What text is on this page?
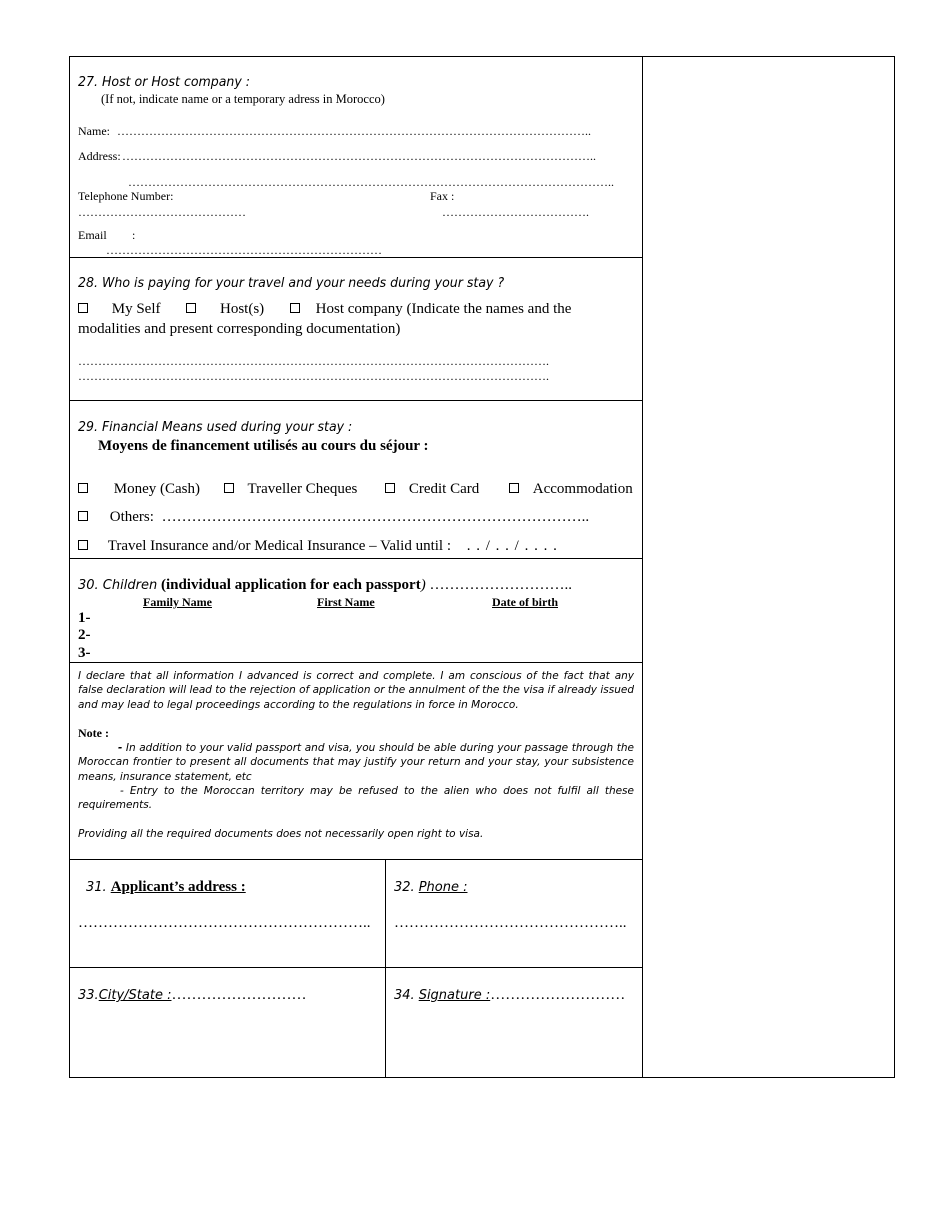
27. Host or Host company :
(If not, indicate name or a temporary adress in Morocco)
Name: ………………………………………………………………………………………………………..
Address: ………………………………………………………………………………………………………..
…………………………………………………………………………………………………………..
Telephone Number:	Fax :
……………………………………	……………………………….
Email :
……………………………………………………………
28. Who is paying for your travel and your needs during your stay ?
My Self	Host(s)	Host company (Indicate the names and the
modalities and present corresponding documentation)
……………………………………………………………………………………………………….
……………………………………………………………………………………………………….
29. Financial Means used during your stay :
Moyens de financement utilisés au cours du séjour :
Money (Cash)	Traveller Cheques	Credit Card	Accommodation
Others: …………………………………………………………………………..
Travel Insurance and/or Medical Insurance – Valid until : . . / . . / . . . .
30. Children (individual application for each passport) ………………………..
Family Name	First Name	Date of birth
1-
2-
3-
I declare that all information I advanced is correct and complete. I am conscious of the fact that any false declaration will lead to the rejection of application or the annulment of the the visa if already issued and may lead to legal proceedings according to the regulations in force in Morocco.
Note :
- In addition to your valid passport and visa, you should be able during your passage through the Moroccan frontier to present all documents that may justify your return and your stay, your subsistence means, insurance statement, etc
- Entry to the Moroccan territory may be refused to the alien who does not fulfil all these requirements.
Providing all the required documents does not necessarily open right to visa.
31. Applicant’s address :
…………………………………………………..
32. Phone :
………………………………………..
33.City/State :………………………	34. Signature :………………………
